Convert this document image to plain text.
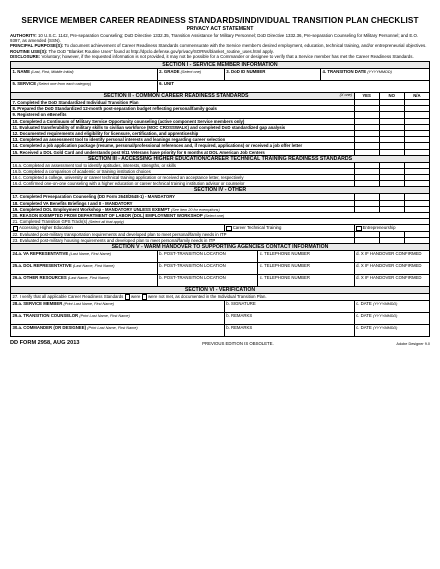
SERVICE MEMBER CAREER READINESS STANDARDS/INDIVIDUAL TRANSITION PLAN CHECKLIST
PRIVACY ACT STATEMENT
AUTHORITY: 10 U.S.C. 1142, Pre-separation Counseling; DoD Directive 1332.35, Transition Assistance for Military Personnel; DoD Directive 1332.36, Pre-separation Counseling for Military Personnel; and E.O. 9397, as amended (SSN).
PRINCIPAL PURPOSE(S): To document achievement of Career Readiness Standards commensurate with the Service member's desired employment, education, technical training, and/or entrepreneurial objectives.
ROUTINE USE(S): The DoD "Blanket Routine Uses" found at http://dpclo.defense.gov/privacy/SORNs/blanket_routine_uses.html apply.
DISCLOSURE: Voluntary; however, if the requested information is not provided, it may not be possible for a Commander or designee to verify that a Service member has met the Career Readiness Standards.
SECTION I - SERVICE MEMBER INFORMATION							
1. NAME (Last, First, Middle Initial)	2. GRADE (Select one)	3. DoD ID NUMBER		4. TRANSITION DATE (YYYYMMDD)			
5. SERVICE (Select one from each category)	6. UNIT						
SECTION II - COMMON CAREER READINESS STANDARDS (X one)					YES	NO	N/A
7. Completed the DoD Standardized Individual Transition Plan							
8. Prepared the DoD Standardized 12-month post-separation budget reflecting personal/family goals							
9. Registered on eBenefits							
10. Completed a Continuum of Military Service Opportunity counseling (active component Service members only)							
11. Evaluated transferability of military skills to civilian workforce (MOC CROSSWALK) and completed DoD standardized gap analysis							
12. Documented requirements and eligibility for licensure, certification, and apprenticeship							
13. Completed an assessment tool to identify personal interests and leanings regarding career selection							
14. Completed a job application package (resume, personal/professional references and, if required, applications) or received a job offer letter							
15. Received a DOL Gold Card and understands post 9/11 Veterans have priority for 6 months at DOL American Job Centers							
SECTION III - ACCESSING HIGHER EDUCATION/CAREER TECHNICAL TRAINING READINESS STANDARDS							
16.a. Completed an assessment tool to identify aptitudes, interests, strengths, or skills							
16.b. Completed a comparison of academic or training institution choices							
16.c. Completed a college, university or career technical training application or received an acceptance letter, respectively							
16.d. Confirmed one-on-one counseling with a higher education or career technical training institution advisor or counselor							
SECTION IV - OTHER							
17. Completed Preseparation Counseling (DD Form 2648/2648-1) - MANDATORY							
18. Completed VA Benefits Briefings I and II - MANDATORY							
19. Completed DOL Employment Workshop - MANDATORY UNLESS EXEMPT (See item 20 for exemptions)							
20. REASON EXEMPTED FROM DEPARTMENT OF LABOR (DOL) EMPLOYMENT WORKSHOP (Select one)							
21. Completed Transition GPS Track(s) (Select all that apply)							
Accessing Higher Education		Career Technical Training			Entrepreneurship		
22. Evaluated post-military transportation requirements and developed plan to meet personal/family needs in ITP							
23. Evaluated post-military housing requirements and developed plan to meet personal/family needs in ITP							
SECTION V - WARM HANDOVER TO SUPPORTING AGENCIES CONTACT INFORMATION							
24.a. VA REPRESENTATIVE (Last Name, First Name)	b. POST-TRANSITION LOCATION		c. TELEPHONE NUMBER		d. X IF HANDOVER CONFIRMED		
25.a. DOL REPRESENTATIVE (Last Name, First Name)	b. POST-TRANSITION LOCATION		c. TELEPHONE NUMBER		d. X IF HANDOVER CONFIRMED		
26.a. OTHER RESOURCES (Last Name, First Name)	b. POST-TRANSITION LOCATION		c. TELEPHONE NUMBER		d. X IF HANDOVER CONFIRMED		
SECTION VI - VERIFICATION							
27. I verify that all applicable Career Readiness Standards were were not met, as documented in the Individual Transition Plan.							
28.a. SERVICE MEMBER (Print Last Name, First Name)		b. SIGNATURE			c. DATE (YYYYMMDD)		
29.a. TRANSITION COUNSELOR (Print Last Name, First Name)		b. REMARKS			c. DATE (YYYYMMDD)		
30.a. COMMANDER (OR DESIGNEE) (Print Last Name, First Name)		b. REMARKS			c. DATE (YYYYMMDD)		
DD FORM 2958, AUG 2013	PREVIOUS EDITION IS OBSOLETE.	Adobe Designer 9.0
